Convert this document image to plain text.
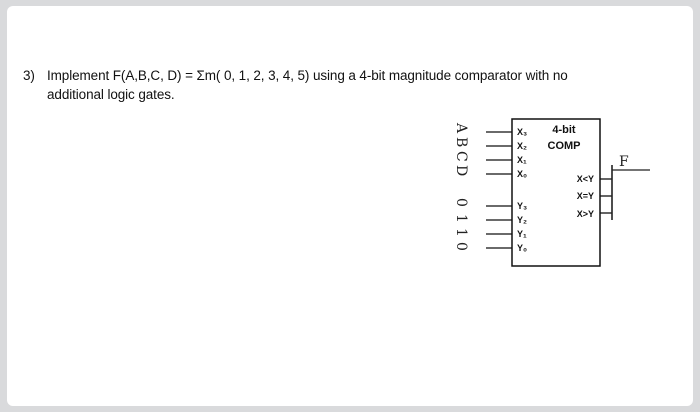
3) Implement F(A,B,C, D) = Σm( 0, 1, 2, 3, 4, 5) using a 4-bit magnitude comparator with no
additional logic gates.
4-bit
COMP
X₃
X₂
X₁
X₀
Y₃
Y₂
Y₁
Y₀
X<Y
X=Y
X>Y
F
A
B
C
D
0
1
1
0
